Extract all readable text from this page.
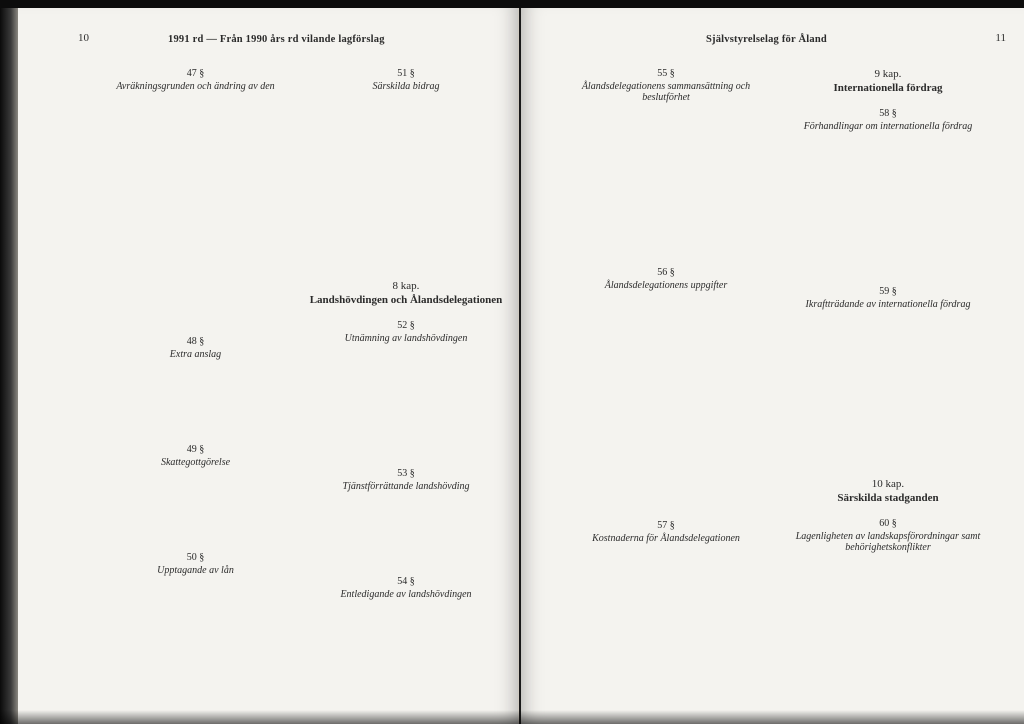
10	1991 rd — Från 1990 års rd vilande lagförslag

47 §

Avräkningsgrunden och ändring av den

48 §

Extra anslag

49 §

Skattegottgörelse

50 §

Upptagande av lån

51 §

Särskilda bidrag

8 kap.

Landshövdingen och Ålandsdelegationen

52 §

Utnämning av landshövdingen

53 §

Tjänstförrättande landshövding

54 §

Entledigande av landshövdingen

Självstyrelselag för Åland	11

55 §

Ålandsdelegationens sammansättning och beslutförhet

56 §

Ålandsdelegationens uppgifter

57 §

Kostnaderna för Ålandsdelegationen

9 kap.

Internationella fördrag

58 §

Förhandlingar om internationella fördrag

59 §

Ikraftträdande av internationella fördrag

10 kap.

Särskilda stadganden

60 §

Lagenligheten av landskapsförordningar samt behörighetskonflikter
